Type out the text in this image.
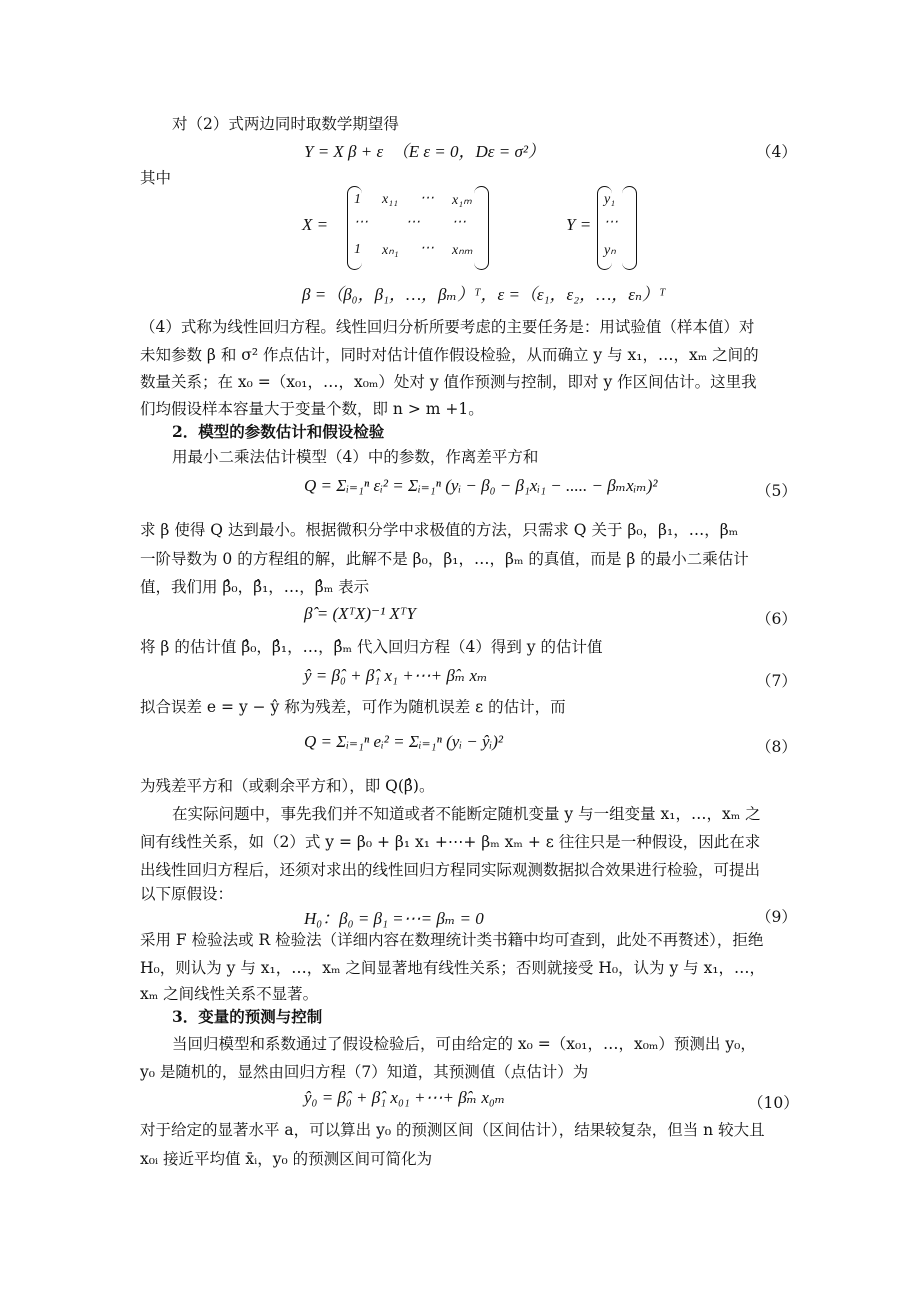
对（2）式两边同时取数学期望得
Y = X β + ε　（E ε = 0，Dε = σ²）	（4）
其中
X =
1 x₁₁ ⋯ x₁ₘ
⋯	⋯ ⋯
1 xₙ₁ ⋯ xₙₘ
Y =
y₁
⋯
yₙ
β =（β₀，β₁，…，βₘ）ᵀ，ε =（ε₁，ε₂，…，εₙ）ᵀ
（4）式称为线性回归方程。线性回归分析所要考虑的主要任务是：用试验值（样本值）对
未知参数 β 和 σ² 作点估计，同时对估计值作假设检验，从而确立 y 与 x₁，…，xₘ 之间的
数量关系；在 x₀ =（x₀₁，…，x₀ₘ）处对 y 值作预测与控制，即对 y 作区间估计。这里我
们均假设样本容量大于变量个数，即 n > m +1。
2．模型的参数估计和假设检验
用最小二乘法估计模型（4）中的参数，作离差平方和
Q = Σᵢ₌₁ⁿ εᵢ² = Σᵢ₌₁ⁿ (yᵢ − β₀ − β₁xᵢ₁ − ..... − βₘxᵢₘ)²	（5）
求 β 使得 Q 达到最小。根据微积分学中求极值的方法，只需求 Q 关于 β₀，β₁，…，βₘ
一阶导数为 0 的方程组的解，此解不是 β₀，β₁，…，βₘ 的真值，而是 β 的最小二乘估计
值，我们用 β̂₀，β̂₁，…，β̂ₘ 表示
β̂ = (XᵀX)⁻¹ XᵀY	（6）
将 β 的估计值 β̂₀，β̂₁，…，β̂ₘ 代入回归方程（4）得到 y 的估计值
ŷ = β̂₀ + β̂₁ x₁ +⋯+ β̂ₘ xₘ	（7）
拟合误差 e = y − ŷ 称为残差，可作为随机误差 ε 的估计，而
Q = Σᵢ₌₁ⁿ eᵢ² = Σᵢ₌₁ⁿ (yᵢ − ŷᵢ)²	（8）
为残差平方和（或剩余平方和），即 Q(β̂)。
在实际问题中，事先我们并不知道或者不能断定随机变量 y 与一组变量 x₁，…，xₘ 之
间有线性关系，如（2）式 y = β₀ + β₁ x₁ +⋯+ βₘ xₘ + ε 往往只是一种假设，因此在求
出线性回归方程后，还须对求出的线性回归方程同实际观测数据拟合效果进行检验，可提出
以下原假设：
H₀：β₀ = β₁ =⋯= βₘ = 0	（9）
采用 F 检验法或 R 检验法（详细内容在数理统计类书籍中均可查到，此处不再赘述），拒绝
H₀，则认为 y 与 x₁，…，xₘ 之间显著地有线性关系；否则就接受 H₀，认为 y 与 x₁，…，
xₘ 之间线性关系不显著。
3．变量的预测与控制
当回归模型和系数通过了假设检验后，可由给定的 x₀ =（x₀₁，…，x₀ₘ）预测出 y₀，
y₀ 是随机的，显然由回归方程（7）知道，其预测值（点估计）为
ŷ₀ = β̂₀ + β̂₁ x₀₁ +⋯+ β̂ₘ x₀ₘ	（10）
对于给定的显著水平 a，可以算出 y₀ 的预测区间（区间估计），结果较复杂，但当 n 较大且
x₀ᵢ 接近平均值 x̄ᵢ，y₀ 的预测区间可简化为
